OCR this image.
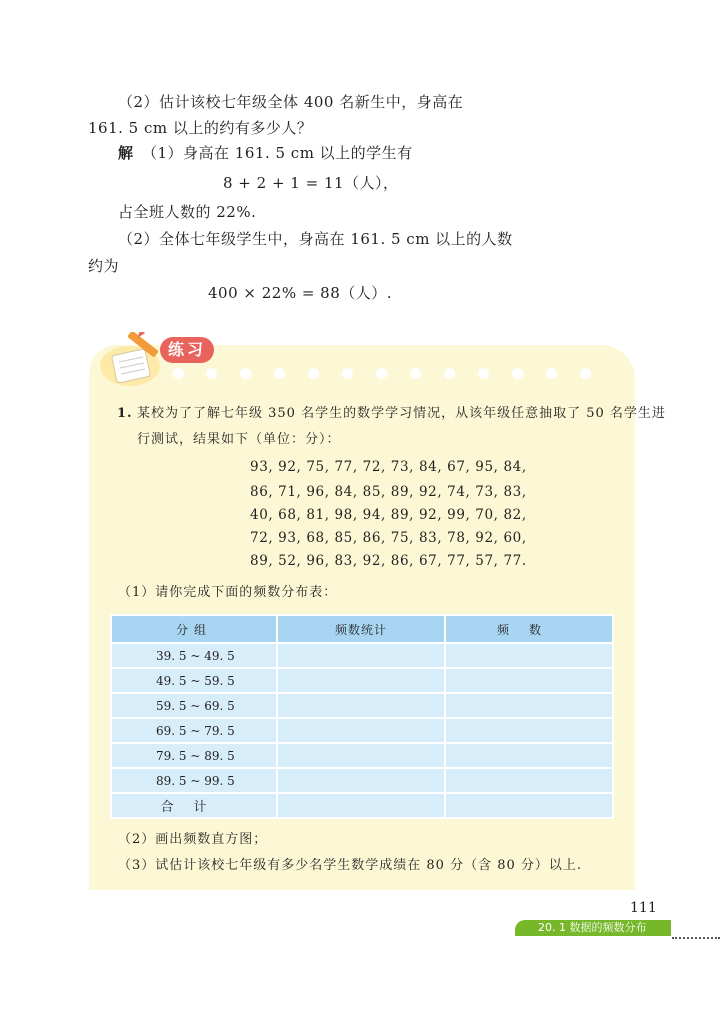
（2）估计该校七年级全体 400 名新生中，身高在
161. 5 cm 以上的约有多少人？
解 （1）身高在 161. 5 cm 以上的学生有
8 + 2 + 1 = 11（人），
占全班人数的 22%.
（2）全体七年级学生中，身高在 161. 5 cm 以上的人数
约为
400 × 22% = 88（人）.
练习
1. 某校为了了解七年级 350 名学生的数学学习情况，从该年级任意抽取了 50 名学生进
行测试，结果如下（单位：分）：
93, 92, 75, 77, 72, 73, 84, 67, 95, 84,
86, 71, 96, 84, 85, 89, 92, 74, 73, 83,
40, 68, 81, 98, 94, 89, 92, 99, 70, 82,
72, 93, 68, 85, 86, 75, 83, 78, 92, 60,
89, 52, 96, 83, 92, 86, 67, 77, 57, 77.
（1）请你完成下面的频数分布表：
分组	频数统计	频数
39. 5 ~ 49. 5		
49. 5 ~ 59. 5		
59. 5 ~ 69. 5		
69. 5 ~ 79. 5		
79. 5 ~ 89. 5		
89. 5 ~ 99. 5		
合计		
（2）画出频数直方图；
（3）试估计该校七年级有多少名学生数学成绩在 80 分（含 80 分）以上.
111
20. 1 数据的频数分布
